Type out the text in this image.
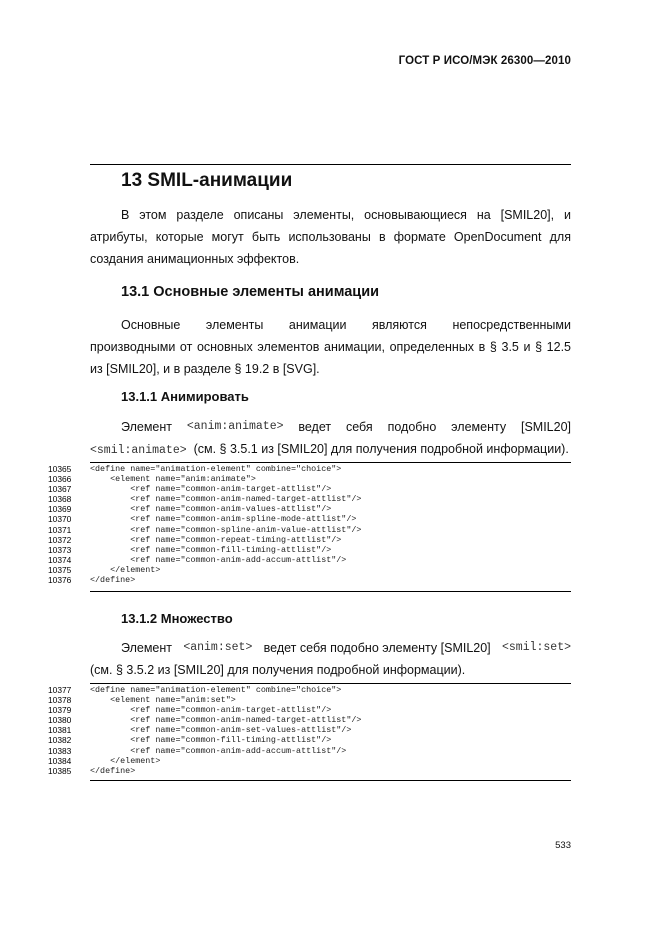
ГОСТ Р ИСО/МЭК 26300—2010
13 SMIL-анимации

В этом разделе описаны элементы, основывающиеся на [SMIL20], и атрибуты, которые могут быть использованы в формате OpenDocument для создания анимационных эффектов.

13.1 Основные элементы анимации

Основные элементы анимации являются непосредственными производными от основных элементов анимации, определенных в § 3.5 и § 12.5 из [SMIL20], и в разделе § 19.2 в [SVG].

13.1.1 Анимировать
Элемент <anim:animate> ведет себя подобно элементу [SMIL20]
<smil:animate> (см. § 3.5.1 из [SMIL20] для получения подробной информации).
10365	<define name="animation-element" combine="choice">
10366	<element name="anim:animate">
10367	<ref name="common-anim-target-attlist"/>
10368	<ref name="common-anim-named-target-attlist"/>
10369	<ref name="common-anim-values-attlist"/>
10370	<ref name="common-anim-spline-mode-attlist"/>
10371	<ref name="common-spline-anim-value-attlist"/>
10372	<ref name="common-repeat-timing-attlist"/>
10373	<ref name="common-fill-timing-attlist"/>
10374	<ref name="common-anim-add-accum-attlist"/>
10375	</element>
10376	</define>
13.1.2 Множество
Элемент <anim:set> ведет себя подобно элементу [SMIL20] <smil:set>
(см. § 3.5.2 из [SMIL20] для получения подробной информации).
10377	<define name="animation-element" combine="choice">
10378	<element name="anim:set">
10379	<ref name="common-anim-target-attlist"/>
10380	<ref name="common-anim-named-target-attlist"/>
10381	<ref name="common-anim-set-values-attlist"/>
10382	<ref name="common-fill-timing-attlist"/>
10383	<ref name="common-anim-add-accum-attlist"/>
10384	</element>
10385	</define>
533
